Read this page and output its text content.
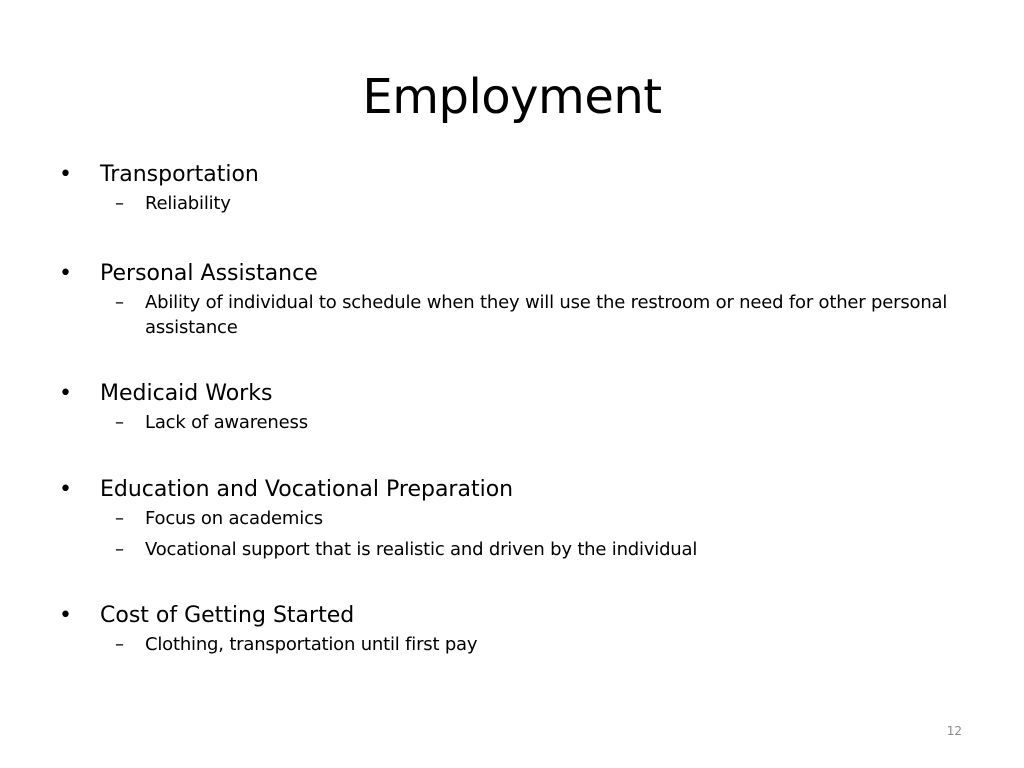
Employment
• Transportation
– Reliability
• Personal Assistance
– Ability of individual to schedule when they will use the restroom or need for other personal assistance
• Medicaid Works
– Lack of awareness
• Education and Vocational Preparation
– Focus on academics
– Vocational support that is realistic and driven by the individual
• Cost of Getting Started
– Clothing, transportation until first pay
12
